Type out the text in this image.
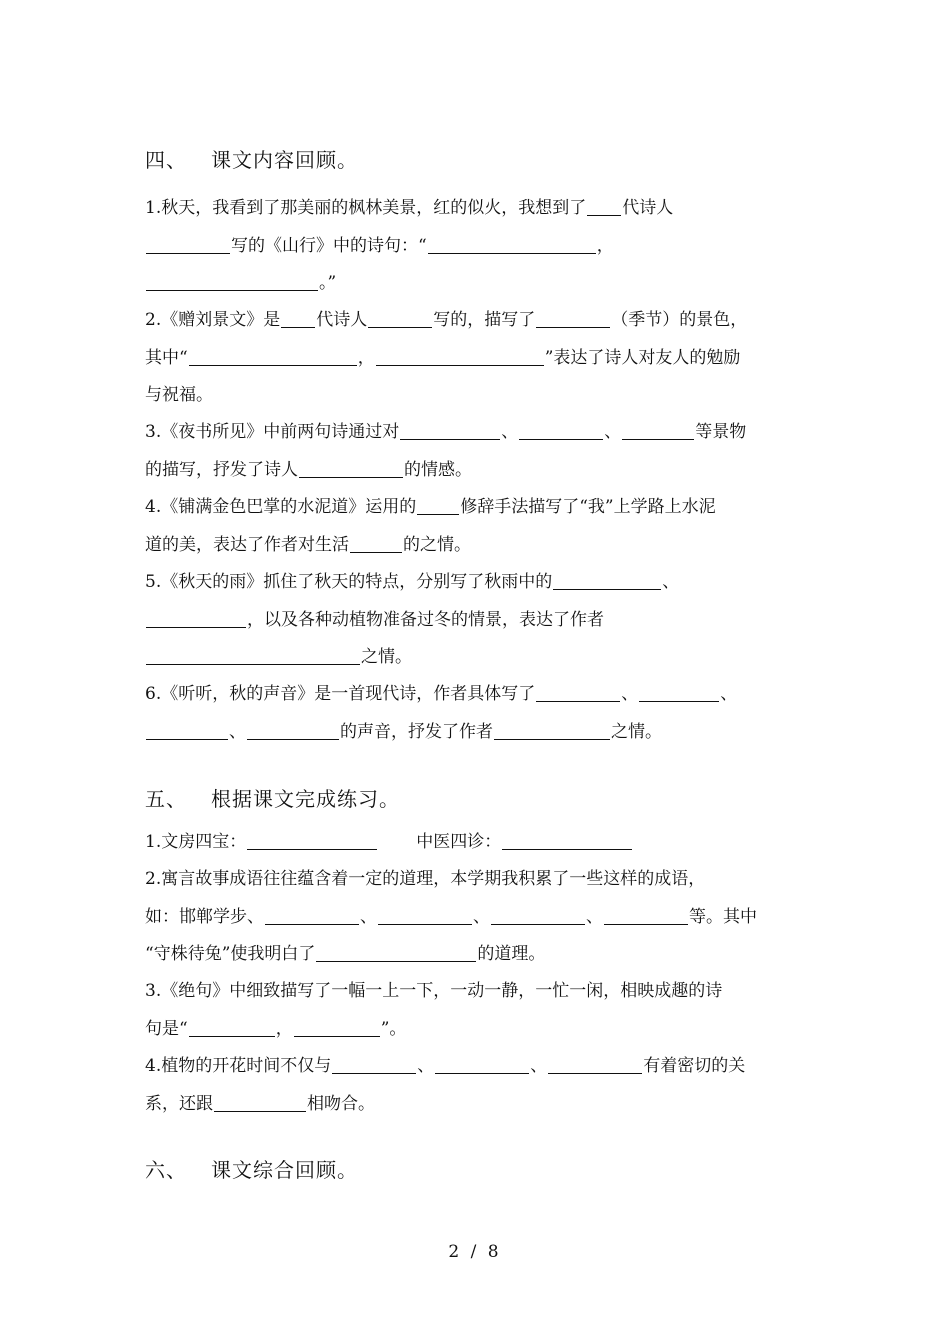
四、 课文内容回顾。
1.秋天，我看到了那美丽的枫林美景，红的似火，我想到了 代诗人
写的《山行》中的诗句：“	，
。”
2.《赠刘景文》是 代诗人	写的，描写了	（季节）的景色，
其中“	，	”表达了诗人对友人的勉励
与祝福。
3.《夜书所见》中前两句诗通过对	、	、	等景物
的描写，抒发了诗人	的情感。
4.《铺满金色巴掌的水泥道》运用的	修辞手法描写了“我”上学路上水泥
道的美，表达了作者对生活	的之情。
5.《秋天的雨》抓住了秋天的特点，分别写了秋雨中的	、
，以及各种动植物准备过冬的情景，表达了作者
之情。
6.《听听，秋的声音》是一首现代诗，作者具体写了	、	、
、	的声音，抒发了作者	之情。
五、 根据课文完成练习。
1.文房四宝：	中医四诊：
2.寓言故事成语往往蕴含着一定的道理，本学期我积累了一些这样的成语，
如：邯郸学步、	、	、	、	等。其中
“守株待兔”使我明白了	的道理。
3.《绝句》中细致描写了一幅一上一下，一动一静，一忙一闲，相映成趣的诗
句是“	，	”。
4.植物的开花时间不仅与	、	、	有着密切的关
系，还跟	相吻合。
六、 课文综合回顾。
2 / 8
